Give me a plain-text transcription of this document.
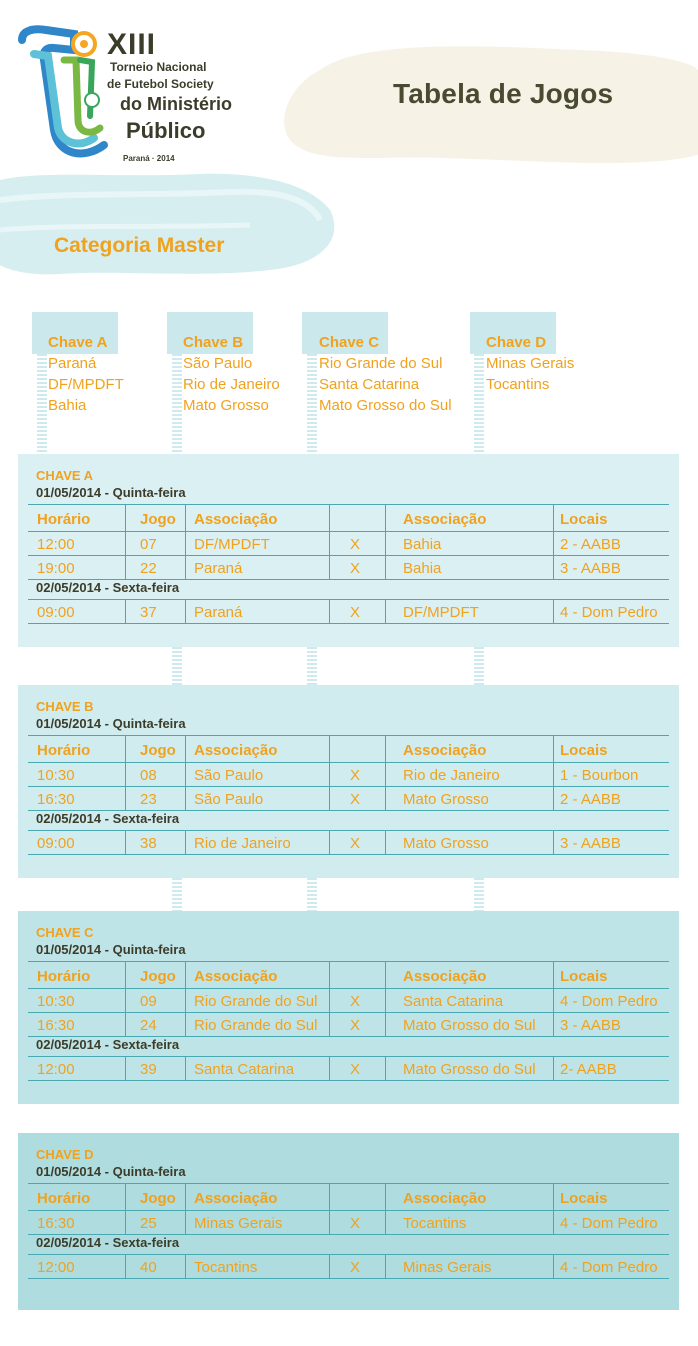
XIII
Torneio Nacional
de Futebol Society
do Ministério
Público
Paraná · 2014
Tabela de Jogos
Categoria Master
Chave A
Paraná
DF/MPDFT
Bahia
Chave B
São Paulo
Rio de Janeiro
Mato Grosso
Chave C
Rio Grande do Sul
Santa Catarina
Mato Grosso do Sul
Chave D
Minas Gerais
Tocantins
CHAVE A
01/05/2014 - Quinta-feira
Horário	Jogo Associação	Associação	Locais
12:00	07 DF/MPDFT	X	Bahia	2 - AABB
19:00	22 Paraná	X	Bahia	3 - AABB
02/05/2014 - Sexta-feira
09:00	37 Paraná	X	DF/MPDFT	4 - Dom Pedro
CHAVE B
01/05/2014 - Quinta-feira
Horário	Jogo Associação	Associação	Locais
10:30	08 São Paulo	X	Rio de Janeiro	1 - Bourbon
16:30	23 São Paulo	X	Mato Grosso	2 - AABB
02/05/2014 - Sexta-feira
09:00	38 Rio de Janeiro	X	Mato Grosso	3 - AABB
CHAVE C
01/05/2014 - Quinta-feira
Horário	Jogo Associação	Associação	Locais
10:30	09 Rio Grande do Sul X	Santa Catarina	4 - Dom Pedro
16:30	24 Rio Grande do Sul X	Mato Grosso do Sul 3 - AABB
02/05/2014 - Sexta-feira
12:00	39 Santa Catarina	X	Mato Grosso do Sul 2- AABB
CHAVE D
01/05/2014 - Quinta-feira
Horário	Jogo Associação	Associação	Locais
16:30	25 Minas Gerais	X	Tocantins	4 - Dom Pedro
02/05/2014 - Sexta-feira
12:00	40 Tocantins	X	Minas Gerais	4 - Dom Pedro
